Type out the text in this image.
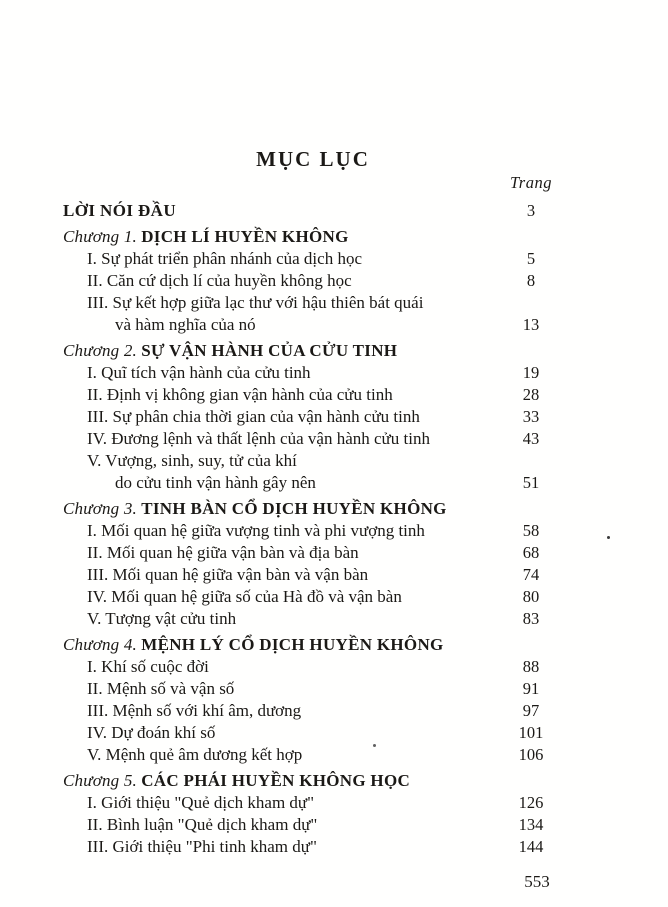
MỤC LỤC
Trang
LỜI NÓI ĐẦU	3
Chương 1. DỊCH LÍ HUYỀN KHÔNG
I. Sự phát triển phân nhánh của dịch học	5
II. Căn cứ dịch lí của huyền không học	8
III. Sự kết hợp giữa lạc thư với hậu thiên bát quái
và hàm nghĩa của nó	13
Chương 2. SỰ VẬN HÀNH CỦA CỬU TINH
I. Quĩ tích vận hành của cửu tinh	19
II. Định vị không gian vận hành của cửu tinh	28
III. Sự phân chia thời gian của vận hành cửu tinh	33
IV. Đương lệnh và thất lệnh của vận hành cửu tinh	43
V. Vượng, sinh, suy, tử của khí
do cửu tinh vận hành gây nên	51
Chương 3. TINH BÀN CỔ DỊCH HUYỀN KHÔNG
I. Mối quan hệ giữa vượng tinh và phi vượng tinh	58
II. Mối quan hệ giữa vận bàn và địa bàn	68
III. Mối quan hệ giữa vận bàn và vận bàn	74
IV. Mối quan hệ giữa số của Hà đồ và vận bàn	80
V. Tượng vật cửu tinh	83
Chương 4. MỆNH LÝ CỔ DỊCH HUYỀN KHÔNG
I. Khí số cuộc đời	88
II. Mệnh số và vận số	91
III. Mệnh số với khí âm, dương	97
IV. Dự đoán khí số	101
V. Mệnh quẻ âm dương kết hợp	106
Chương 5. CÁC PHÁI HUYỀN KHÔNG HỌC
I. Giới thiệu "Quẻ dịch kham dự"	126
II. Bình luận "Quẻ dịch kham dự"	134
III. Giới thiệu "Phi tinh kham dự"	144
553
